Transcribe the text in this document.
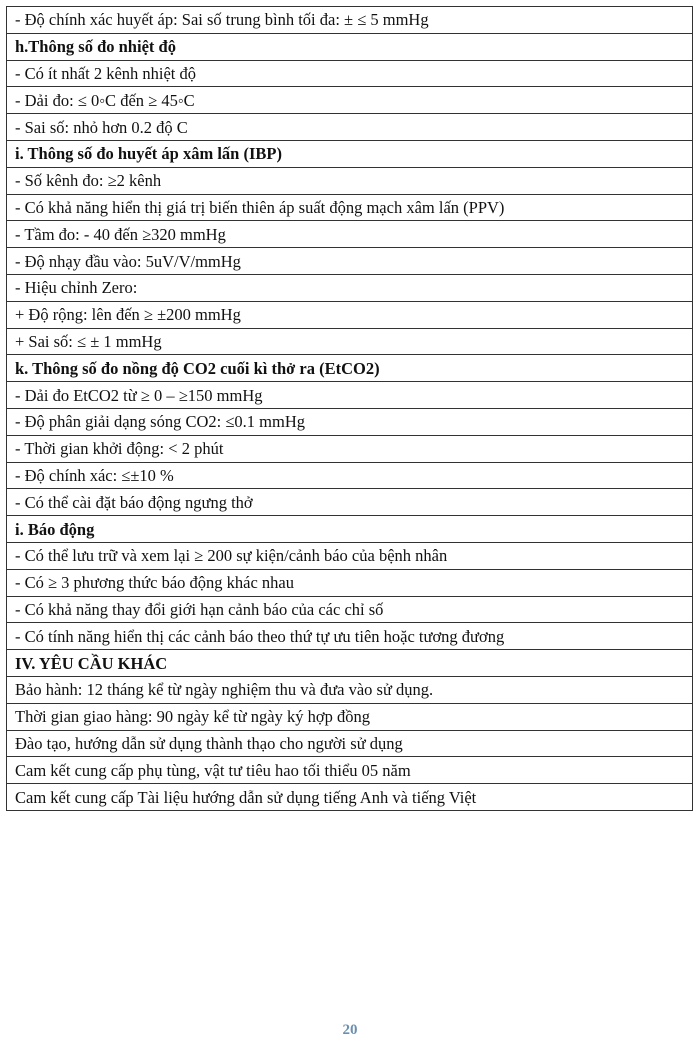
- Độ chính xác huyết áp: Sai số trung bình tối đa: ± ≤ 5 mmHg
h.Thông số đo nhiệt độ
- Có ít nhất 2 kênh nhiệt độ
- Dải đo: ≤ 0◦C đến ≥ 45◦C
- Sai số: nhỏ hơn 0.2 độ C
i. Thông số đo huyết áp xâm lấn (IBP)
- Số kênh đo: ≥2 kênh
- Có khả năng hiển thị giá trị biến thiên áp suất động mạch xâm lấn (PPV)
- Tầm đo: - 40 đến ≥320 mmHg
- Độ nhạy đầu vào: 5uV/V/mmHg
- Hiệu chỉnh Zero:
+ Độ rộng: lên đến ≥ ±200 mmHg
+ Sai số: ≤ ± 1 mmHg
k. Thông số đo nồng độ CO2 cuối kì thở ra (EtCO2)
- Dải đo EtCO2 từ ≥ 0 – ≥150 mmHg
- Độ phân giải dạng sóng CO2: ≤0.1 mmHg
- Thời gian khởi động: < 2 phút
- Độ chính xác: ≤±10 %
- Có thể cài đặt báo động ngưng thở
i. Báo động
- Có thể lưu trữ và xem lại ≥ 200 sự kiện/cảnh báo của bệnh nhân
- Có ≥ 3 phương thức báo động khác nhau
- Có khả năng thay đổi giới hạn cảnh báo của các chỉ số
- Có tính năng hiển thị các cảnh báo theo thứ tự ưu tiên hoặc tương đương
IV. YÊU CẦU KHÁC
Bảo hành: 12 tháng kể từ ngày nghiệm thu và đưa vào sử dụng.
Thời gian giao hàng: 90 ngày kể từ ngày ký hợp đồng
Đào tạo, hướng dẫn sử dụng thành thạo cho người sử dụng
Cam kết cung cấp phụ tùng, vật tư tiêu hao tối thiểu 05 năm
Cam kết cung cấp Tài liệu hướng dẫn sử dụng tiếng Anh và tiếng Việt
20
